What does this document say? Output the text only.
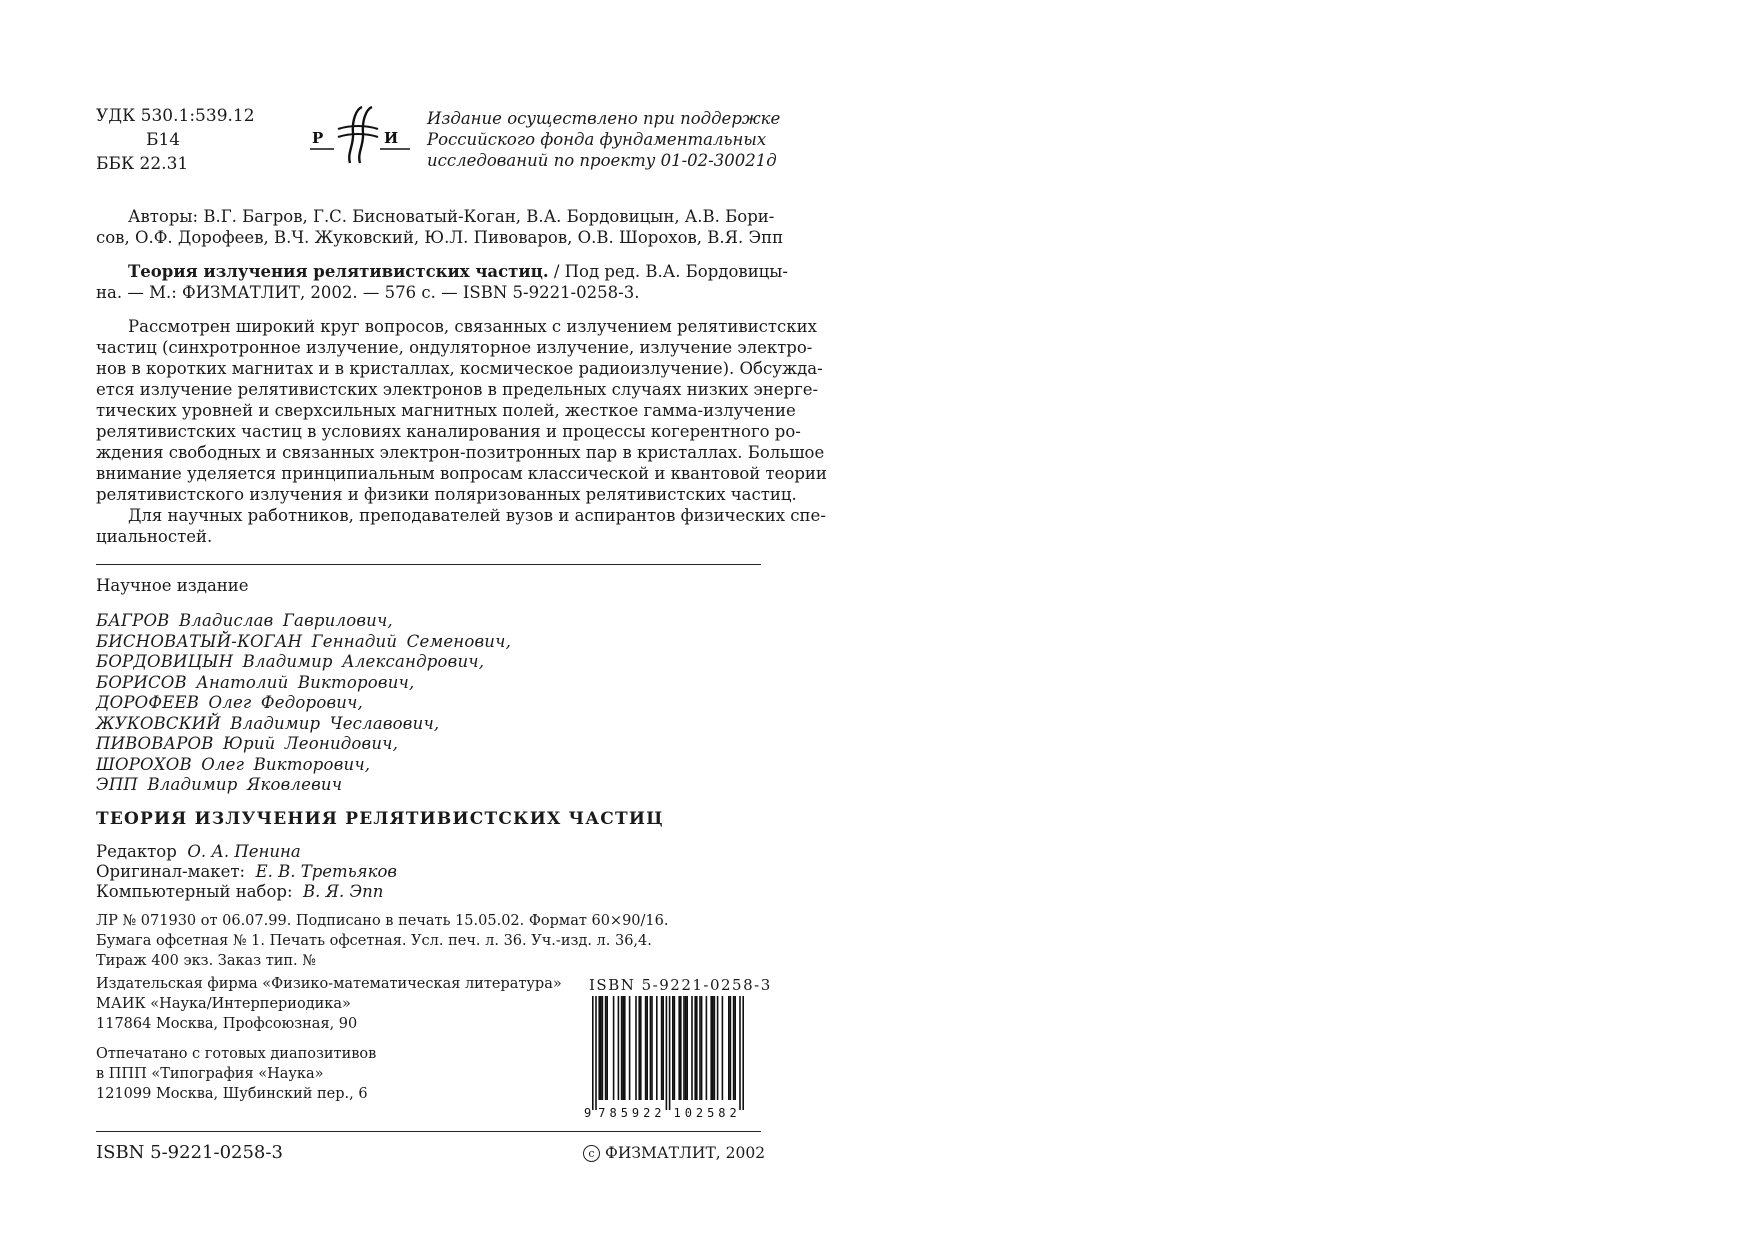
УДК 530.1:539.12
Б14
ББК 22.31
Р	И
Издание осуществлено при поддержке
Российского фонда фундаментальных
исследований по проекту 01-02-30021д
Авторы: В.Г. Багров, Г.С. Бисноватый-Коган, В.А. Бордовицын, А.В. Бори-
сов, О.Ф. Дорофеев, В.Ч. Жуковский, Ю.Л. Пивоваров, О.В. Шорохов, В.Я. Эпп
Теория излучения релятивистских частиц. / Под ред. В.А. Бордовицы-
на. — М.: ФИЗМАТЛИТ, 2002. — 576 с. — ISBN 5-9221-0258-3.
Рассмотрен широкий круг вопросов, связанных с излучением релятивистских
частиц (синхротронное излучение, ондуляторное излучение, излучение электро-
нов в коротких магнитах и в кристаллах, космическое радиоизлучение). Обсужда-
ется излучение релятивистских электронов в предельных случаях низких энерге-
тических уровней и сверхсильных магнитных полей, жесткое гамма-излучение
релятивистских частиц в условиях каналирования и процессы когерентного ро-
ждения свободных и связанных электрон-позитронных пар в кристаллах. Большое
внимание уделяется принципиальным вопросам классической и квантовой теории
релятивистского излучения и физики поляризованных релятивистских частиц.
Для научных работников, преподавателей вузов и аспирантов физических спе-
циальностей.
Научное издание
БАГРОВ Владислав Гаврилович,
БИСНОВАТЫЙ-КОГАН Геннадий Семенович,
БОРДОВИЦЫН Владимир Александрович,
БОРИСОВ Анатолий Викторович,
ДОРОФЕЕВ Олег Федорович,
ЖУКОВСКИЙ Владимир Чеславович,
ПИВОВАРОВ Юрий Леонидович,
ШОРОХОВ Олег Викторович,
ЭПП Владимир Яковлевич
ТЕОРИЯ ИЗЛУЧЕНИЯ РЕЛЯТИВИСТСКИХ ЧАСТИЦ
Редактор О. А. Пенина
Оригинал-макет: Е. В. Третьяков
Компьютерный набор: В. Я. Эпп
ЛР № 071930 от 06.07.99. Подписано в печать 15.05.02. Формат 60×90/16.
Бумага офсетная № 1. Печать офсетная. Усл. печ. л. 36. Уч.-изд. л. 36,4.
Тираж 400 экз. Заказ тип. №
Издательская фирма «Физико-математическая литература»
МАИК «Наука/Интерпериодика»
117864 Москва, Профсоюзная, 90
Отпечатано с готовых диапозитивов
в ППП «Типография «Наука»
121099 Москва, Шубинский пер., 6
ISBN 5-9221-0258-3
9 7 8 5 9 2 2 1 0 2 5 8 2
ISBN 5-9221-0258-3	c ФИЗМАТЛИТ, 2002
